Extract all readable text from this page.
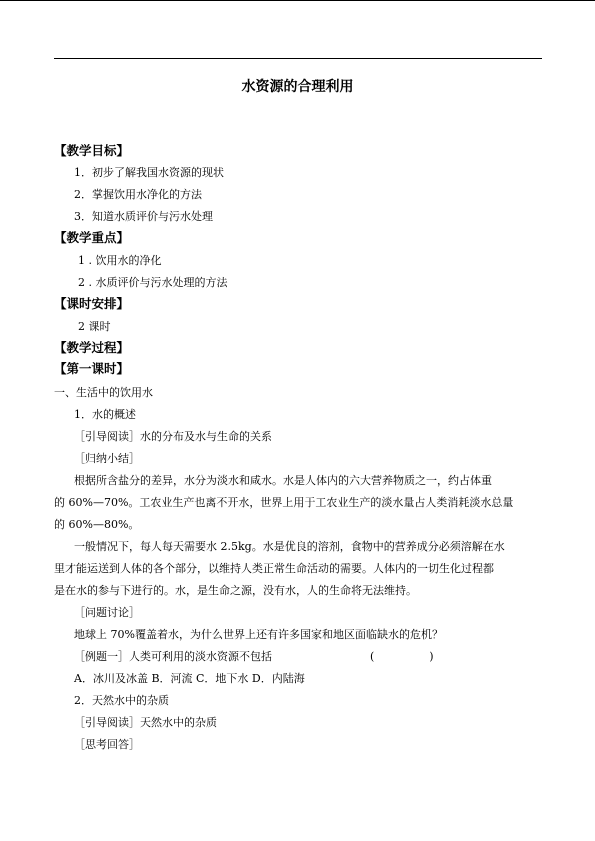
水资源的合理利用
【教学目标】
1．初步了解我国水资源的现状
2．掌握饮用水净化的方法
3．知道水质评价与污水处理
【教学重点】
1 . 饮用水的净化
2 . 水质评价与污水处理的方法
【课时安排】
2 课时
【教学过程】
【第一课时】
一、生活中的饮用水
1．水的概述
［引导阅读］水的分布及水与生命的关系
［归纳小结］
根据所含盐分的差异，水分为淡水和咸水。水是人体内的六大营养物质之一，约占体重
的 60%—70%。工农业生产也离不开水，世界上用于工农业生产的淡水量占人类消耗淡水总量
的 60%—80%。
一般情况下，每人每天需要水 2.5kg。水是优良的溶剂，食物中的营养成分必须溶解在水
里才能运送到人体的各个部分，以维持人类正常生命活动的需要。人体内的一切生化过程都
是在水的参与下进行的。水，是生命之源，没有水，人的生命将无法维持。
［问题讨论］
地球上 70%覆盖着水，为什么世界上还有许多国家和地区面临缺水的危机？
［例题一］人类可利用的淡水资源不包括	(　　　　　)
A．冰川及冰盖 B．河流 C．地下水 D．内陆海
2．天然水中的杂质
［引导阅读］天然水中的杂质
［思考回答］
